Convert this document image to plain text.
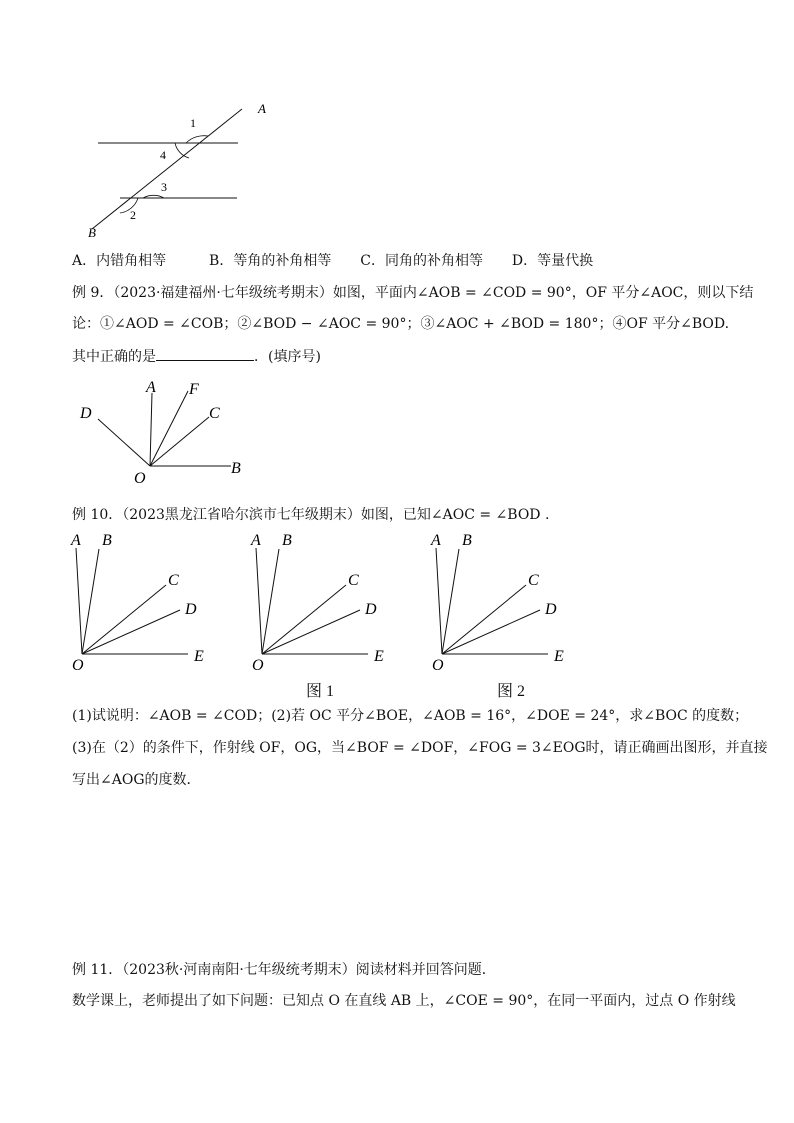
A
B
1
4
3
2
A．内错角相等	B．等角的补角相等 C．同角的补角相等 D．等量代换
例 9．（2023·福建福州·七年级统考期末）如图，平面内∠AOB = ∠COD = 90°，OF 平分∠AOC，则以下结
论：①∠AOD = ∠COB；②∠BOD − ∠AOC = 90°；③∠AOC + ∠BOD = 180°；④OF 平分∠BOD.
其中正确的是	．(填序号)
D
A F
C
O
B
例 10．（2023黑龙江省哈尔滨市七年级期末）如图，已知∠AOC = ∠BOD .
A B
C
D
O
E
A B
C
D
O
E
A B
C
D
O
E
图 1	图 2
(1)试说明：∠AOB = ∠COD；(2)若 OC 平分∠BOE，∠AOB = 16°，∠DOE = 24°，求∠BOC 的度数；
(3)在（2）的条件下，作射线 OF，OG，当∠BOF = ∠DOF，∠FOG = 3∠EOG时，请正确画出图形，并直接
写出∠AOG的度数．
例 11．（2023秋·河南南阳·七年级统考期末）阅读材料并回答问题．
数学课上，老师提出了如下问题：已知点 O 在直线 AB 上，∠COE = 90°，在同一平面内，过点 O 作射线
